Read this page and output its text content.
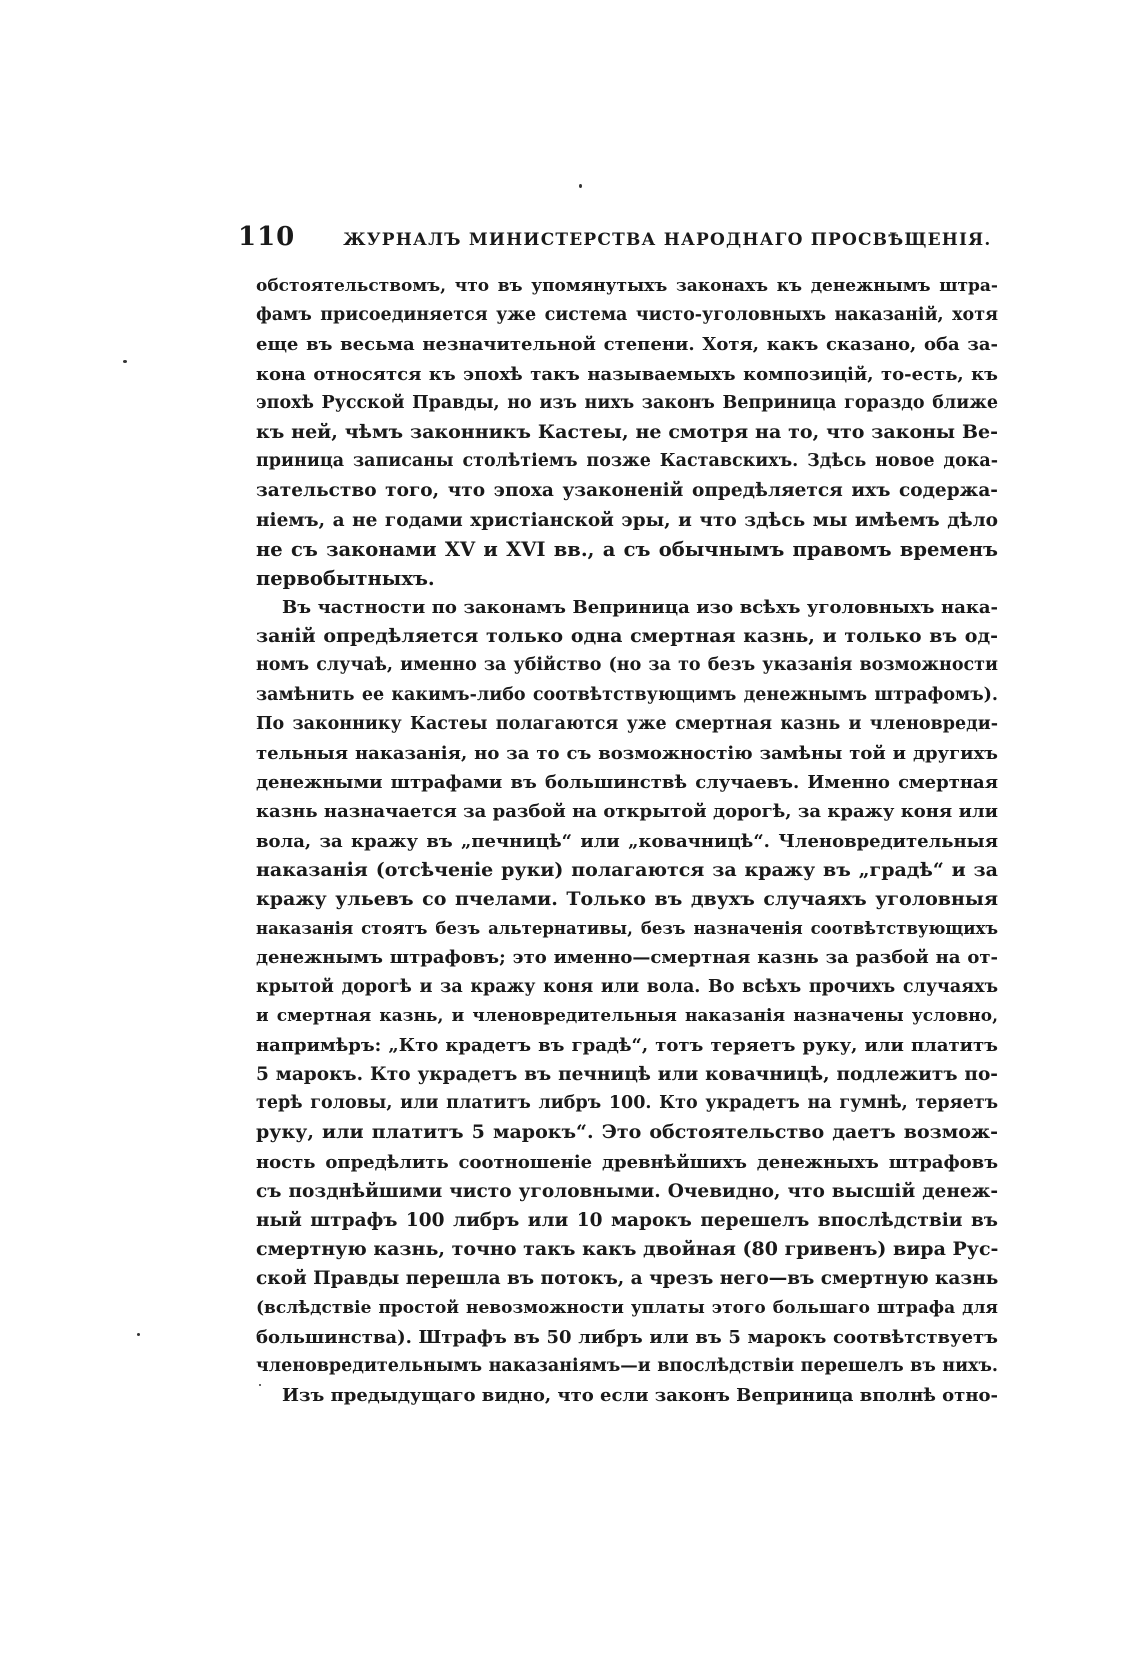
110	ЖУРНАЛЪ МИНИСТЕРСТВА НАРОДНАГО ПРОСВѢЩЕНІЯ.
обстоятельствомъ, что въ упомянутыхъ законахъ къ денежнымъ штра-
фамъ присоединяется уже система чисто-уголовныхъ наказаній, хотя
еще въ весьма незначительной степени. Хотя, какъ сказано, оба за-
кона относятся къ эпохѣ такъ называемыхъ композицій, то-есть, къ
эпохѣ Русской Правды, но изъ нихъ законъ Веприница гораздо ближе
къ ней, чѣмъ законникъ Кастеы, не смотря на то, что законы Ве-
приница записаны столѣтіемъ позже Каставскихъ. Здѣсь новое дока-
зательство того, что эпоха узаконеній опредѣляется ихъ содержа-
ніемъ, а не годами христіанской эры, и что здѣсь мы имѣемъ дѣло
не съ законами XV и XVI вв., а съ обычнымъ правомъ временъ
первобытныхъ.
Въ частности по законамъ Веприница изо всѣхъ уголовныхъ нака-
заній опредѣляется только одна смертная казнь, и только въ од-
номъ случаѣ, именно за убійство (но за то безъ указанія возможности
замѣнить ее какимъ-либо соотвѣтствующимъ денежнымъ штрафомъ).
По законнику Кастеы полагаются уже смертная казнь и членовреди-
тельныя наказанія, но за то съ возможностію замѣны той и другихъ
денежными штрафами въ большинствѣ случаевъ. Именно смертная
казнь назначается за разбой на открытой дорогѣ, за кражу коня или
вола, за кражу въ „печницѣ“ или „ковачницѣ“. Членовредительныя
наказанія (отсѣченіе руки) полагаются за кражу въ „градѣ“ и за
кражу ульевъ со пчелами. Только въ двухъ случаяхъ уголовныя
наказанія стоятъ безъ альтернативы, безъ назначенія соотвѣтствующихъ
денежнымъ штрафовъ; это именно—смертная казнь за разбой на от-
крытой дорогѣ и за кражу коня или вола. Во всѣхъ прочихъ случаяхъ
и смертная казнь, и членовредительныя наказанія назначены условно,
напримѣръ: „Кто крадетъ въ градѣ“, тотъ теряетъ руку, или платитъ
5 марокъ. Кто украдетъ въ печницѣ или ковачницѣ, подлежитъ по-
терѣ головы, или платитъ либръ 100. Кто украдетъ на гумнѣ, теряетъ
руку, или платитъ 5 марокъ“. Это обстоятельство даетъ возмож-
ность опредѣлить соотношеніе древнѣйшихъ денежныхъ штрафовъ
съ позднѣйшими чисто уголовными. Очевидно, что высшій денеж-
ный штрафъ 100 либръ или 10 марокъ перешелъ впослѣдствіи въ
смертную казнь, точно такъ какъ двойная (80 гривенъ) вира Рус-
ской Правды перешла въ потокъ, а чрезъ него—въ смертную казнь
(вслѣдствіе простой невозможности уплаты этого большаго штрафа для
большинства). Штрафъ въ 50 либръ или въ 5 марокъ соотвѣтствуетъ
членовредительнымъ наказаніямъ—и впослѣдствіи перешелъ въ нихъ.
Изъ предыдущаго видно, что если законъ Веприница вполнѣ отно-
